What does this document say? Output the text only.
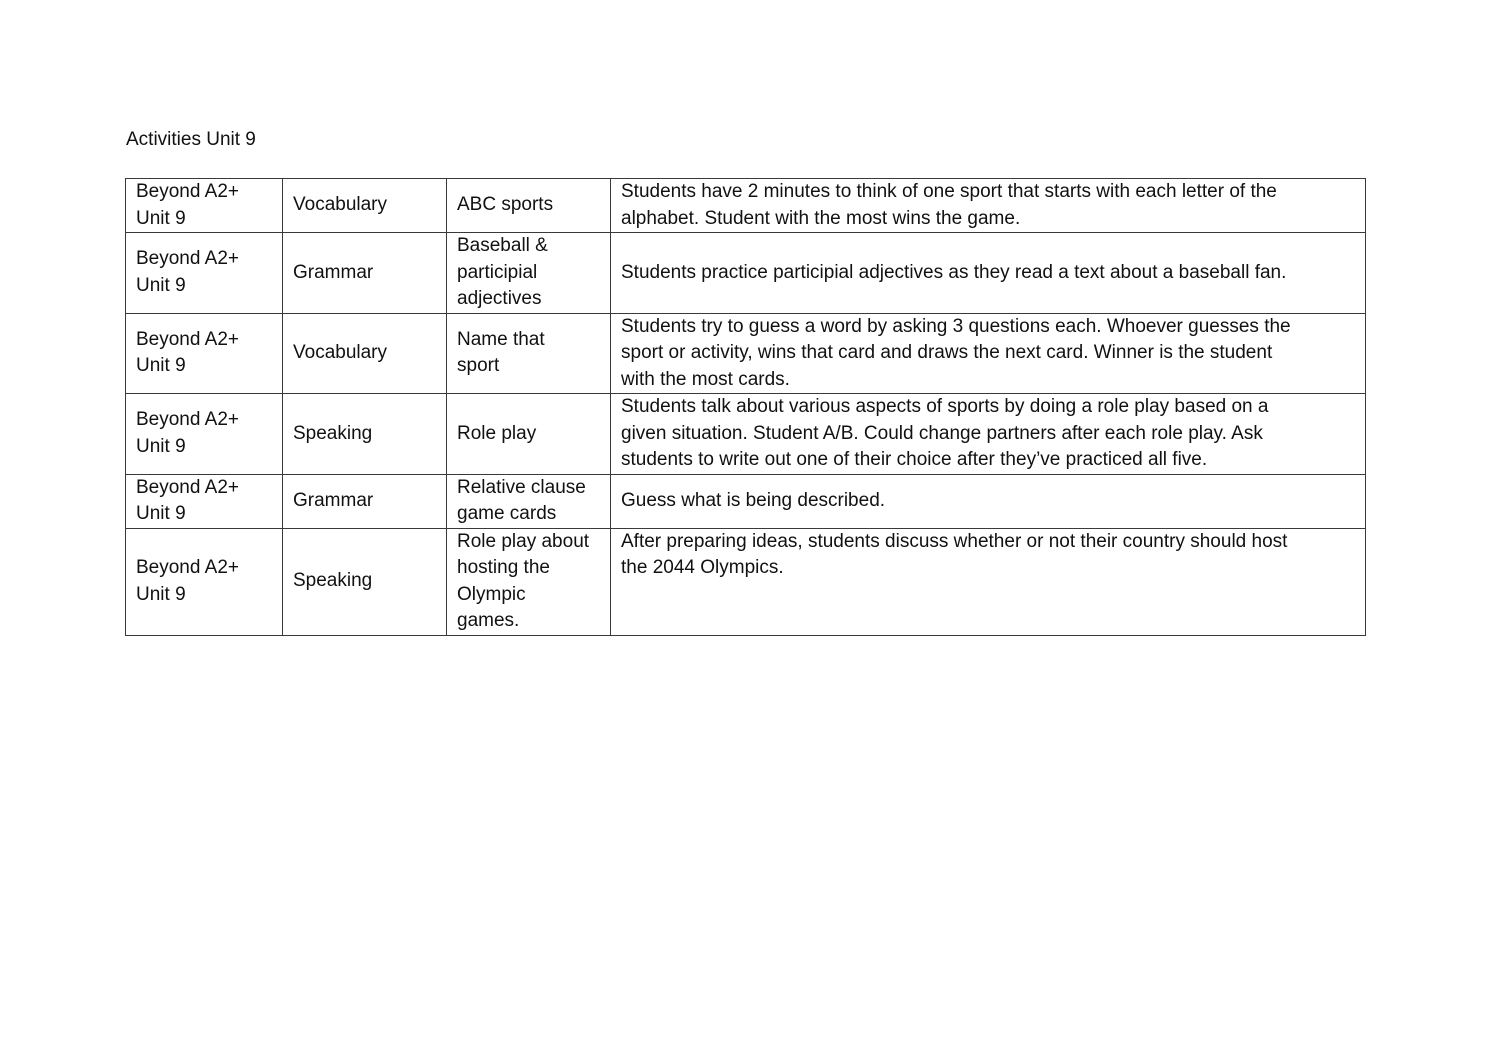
Activities Unit 9
Beyond A2+
Unit 9	Vocabulary	ABC sports	Students have 2 minutes to think of one sport that starts with each letter of the
alphabet. Student with the most wins the game.
Beyond A2+
Unit 9	Grammar	Baseball &
participial
adjectives	Students practice participial adjectives as they read a text about a baseball fan.
Beyond A2+
Unit 9	Vocabulary	Name that
sport	Students try to guess a word by asking 3 questions each. Whoever guesses the
sport or activity, wins that card and draws the next card. Winner is the student
with the most cards.
Beyond A2+
Unit 9	Speaking	Role play	Students talk about various aspects of sports by doing a role play based on a
given situation. Student A/B. Could change partners after each role play. Ask
students to write out one of their choice after they’ve practiced all five.
Beyond A2+
Unit 9	Grammar	Relative clause
game cards	Guess what is being described.
Beyond A2+
Unit 9	Speaking	Role play about
hosting the
Olympic
games.	After preparing ideas, students discuss whether or not their country should host
the 2044 Olympics.
